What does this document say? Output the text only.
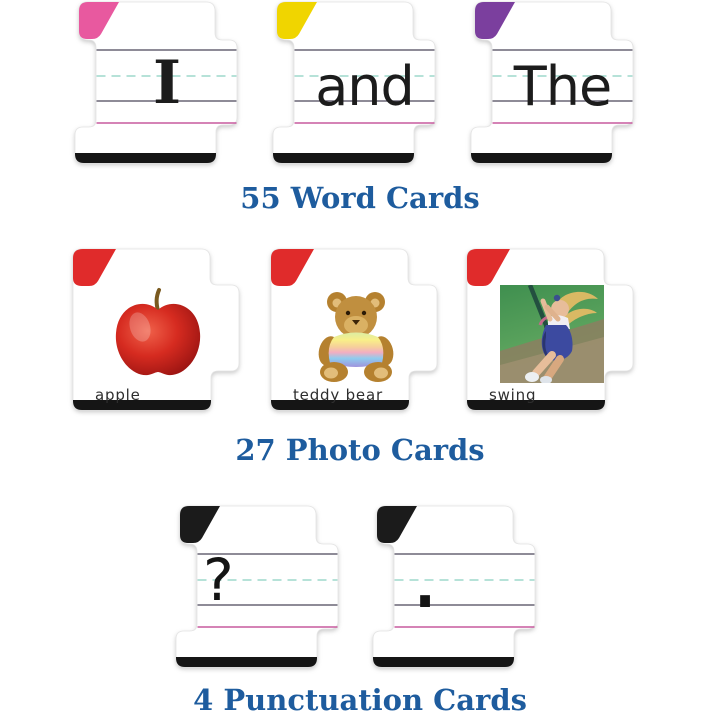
I	and	The
55 Word Cards
apple	teddy bear	swing
27 Photo Cards
? .
4 Punctuation Cards
